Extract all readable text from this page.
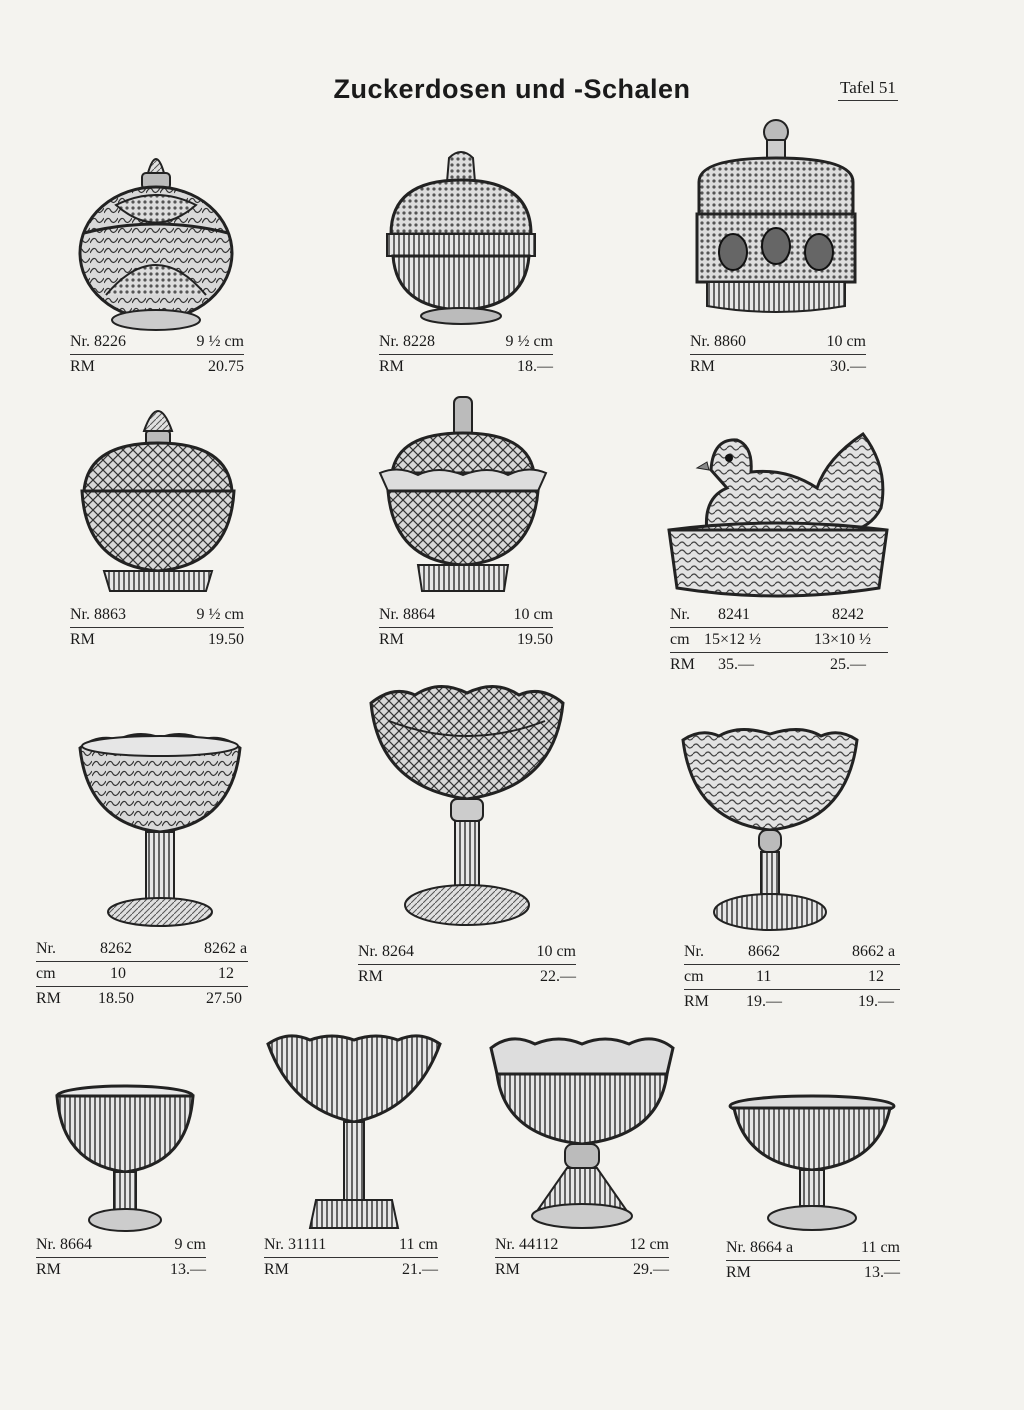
Zuckerdosen und -Schalen	Tafel 51
Nr. 8226	9 ½ cm
RM	20.75
Nr. 8228	9 ½ cm
RM	18.—
Nr. 8860	10 cm
RM	30.—
Nr. 8863	9 ½ cm
RM	19.50
Nr. 8864	10 cm
RM	19.50
Nr. 8241	8242
cm 15×12 ½	13×10 ½
RM 35.—	25.—
Nr.	8262	8262 a
cm	10	12
RM 18.50	27.50
Nr. 8264	10 cm
RM	22.—
Nr.	8662	8662 a
cm	11	12
RM 19.—	19.—
Nr. 8664	9 cm
RM	13.—
Nr. 31111	11 cm
RM	21.—
Nr. 44112	12 cm
RM	29.—
Nr. 8664 a	11 cm
RM	13.—
